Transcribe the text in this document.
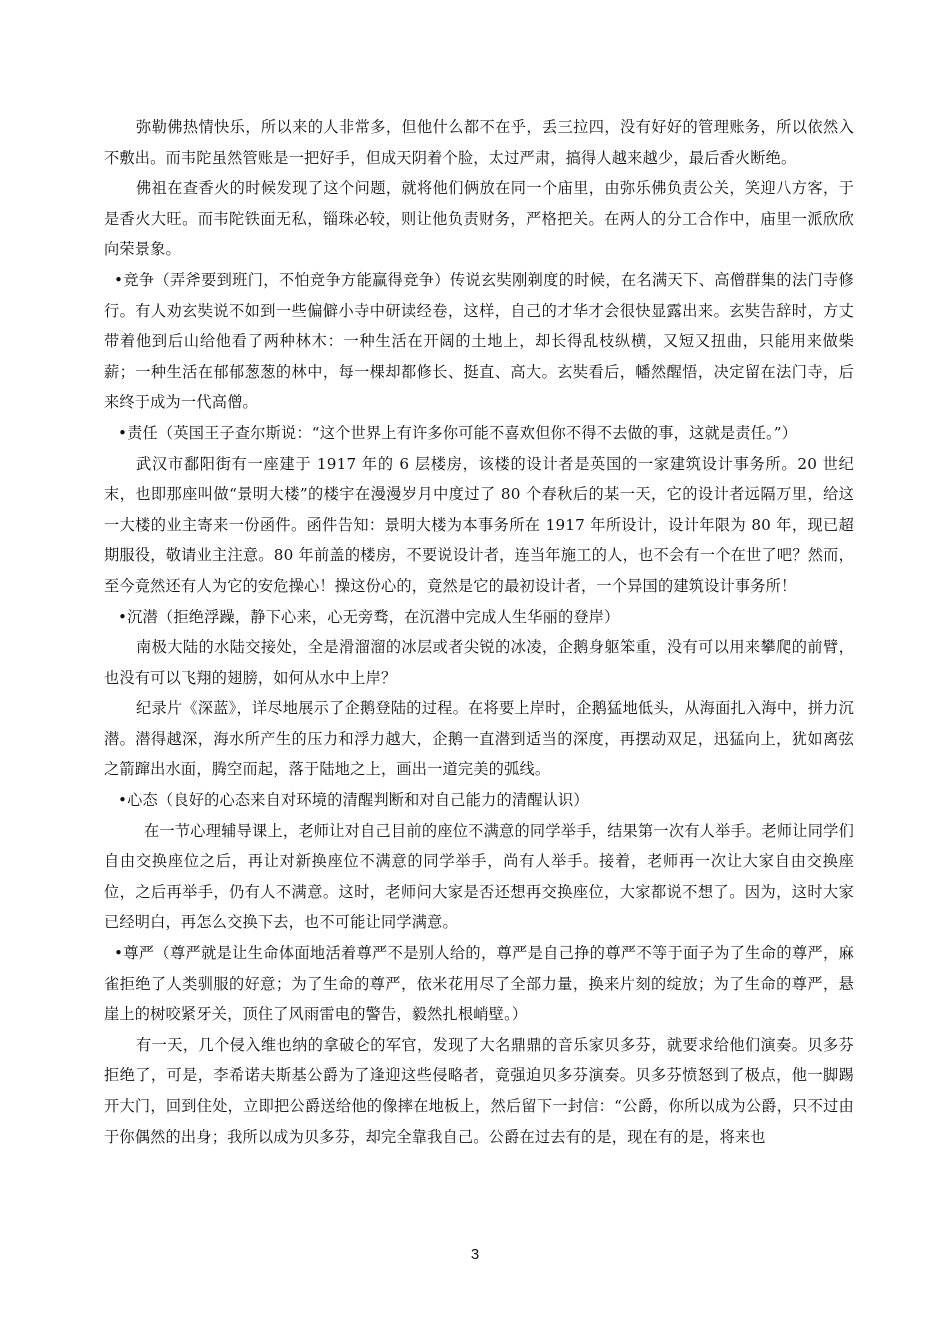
弥勒佛热情快乐，所以来的人非常多，但他什么都不在乎，丢三拉四，没有好好的管理账务，所以依然入不敷出。而韦陀虽然管账是一把好手，但成天阴着个脸，太过严肃，搞得人越来越少，最后香火断绝。

佛祖在查香火的时候发现了这个问题，就将他们俩放在同一个庙里，由弥乐佛负责公关，笑迎八方客，于是香火大旺。而韦陀铁面无私，锱珠必较，则让他负责财务，严格把关。在两人的分工合作中，庙里一派欣欣向荣景象。

•竞争（弄斧要到班门，不怕竞争方能赢得竞争）传说玄奘刚剃度的时候，在名满天下、高僧群集的法门寺修行。有人劝玄奘说不如到一些偏僻小寺中研读经卷，这样，自己的才华才会很快显露出来。玄奘告辞时，方丈带着他到后山给他看了两种林木：一种生活在开阔的土地上，却长得乱枝纵横，又短又扭曲，只能用来做柴薪；一种生活在郁郁葱葱的林中，每一棵却都修长、挺直、高大。玄奘看后，幡然醒悟，决定留在法门寺，后来终于成为一代高僧。

•责任（英国王子查尔斯说：“这个世界上有许多你可能不喜欢但你不得不去做的事，这就是责任。”）

武汉市鄱阳街有一座建于 1917 年的 6 层楼房，该楼的设计者是英国的一家建筑设计事务所。20 世纪末，也即那座叫做“景明大楼”的楼宇在漫漫岁月中度过了 80 个春秋后的某一天，它的设计者远隔万里，给这一大楼的业主寄来一份函件。函件告知：景明大楼为本事务所在 1917 年所设计，设计年限为 80 年，现已超期服役，敬请业主注意。80 年前盖的楼房，不要说设计者，连当年施工的人，也不会有一个在世了吧？然而，至今竟然还有人为它的安危操心！操这份心的，竟然是它的最初设计者，一个异国的建筑设计事务所！

•沉潜（拒绝浮躁，静下心来，心无旁骛，在沉潜中完成人生华丽的登岸）

南极大陆的水陆交接处，全是滑溜溜的冰层或者尖锐的冰凌，企鹅身躯笨重，没有可以用来攀爬的前臂，也没有可以飞翔的翅膀，如何从水中上岸？

纪录片《深蓝》，详尽地展示了企鹅登陆的过程。在将要上岸时，企鹅猛地低头，从海面扎入海中，拼力沉潜。潜得越深，海水所产生的压力和浮力越大，企鹅一直潜到适当的深度，再摆动双足，迅猛向上，犹如离弦之箭蹿出水面，腾空而起，落于陆地之上，画出一道完美的弧线。

•心态（良好的心态来自对环境的清醒判断和对自己能力的清醒认识）

在一节心理辅导课上，老师让对自己目前的座位不满意的同学举手，结果第一次有人举手。老师让同学们自由交换座位之后，再让对新换座位不满意的同学举手，尚有人举手。接着，老师再一次让大家自由交换座位，之后再举手，仍有人不满意。这时，老师问大家是否还想再交换座位，大家都说不想了。因为，这时大家已经明白，再怎么交换下去，也不可能让同学满意。

•尊严（尊严就是让生命体面地活着尊严不是别人给的，尊严是自己挣的尊严不等于面子为了生命的尊严，麻雀拒绝了人类驯服的好意；为了生命的尊严，依米花用尽了全部力量，换来片刻的绽放；为了生命的尊严，悬崖上的树咬紧牙关，顶住了风雨雷电的警告，毅然扎根峭壁。）

有一天，几个侵入维也纳的拿破仑的军官，发现了大名鼎鼎的音乐家贝多芬，就要求给他们演奏。贝多芬拒绝了，可是，李希诺夫斯基公爵为了逢迎这些侵略者，竟强迫贝多芬演奏。贝多芬愤怒到了极点，他一脚踢开大门，回到住处，立即把公爵送给他的像摔在地板上，然后留下一封信：“公爵，你所以成为公爵，只不过由于你偶然的出身；我所以成为贝多芬，却完全靠我自己。公爵在过去有的是，现在有的是，将来也

3
